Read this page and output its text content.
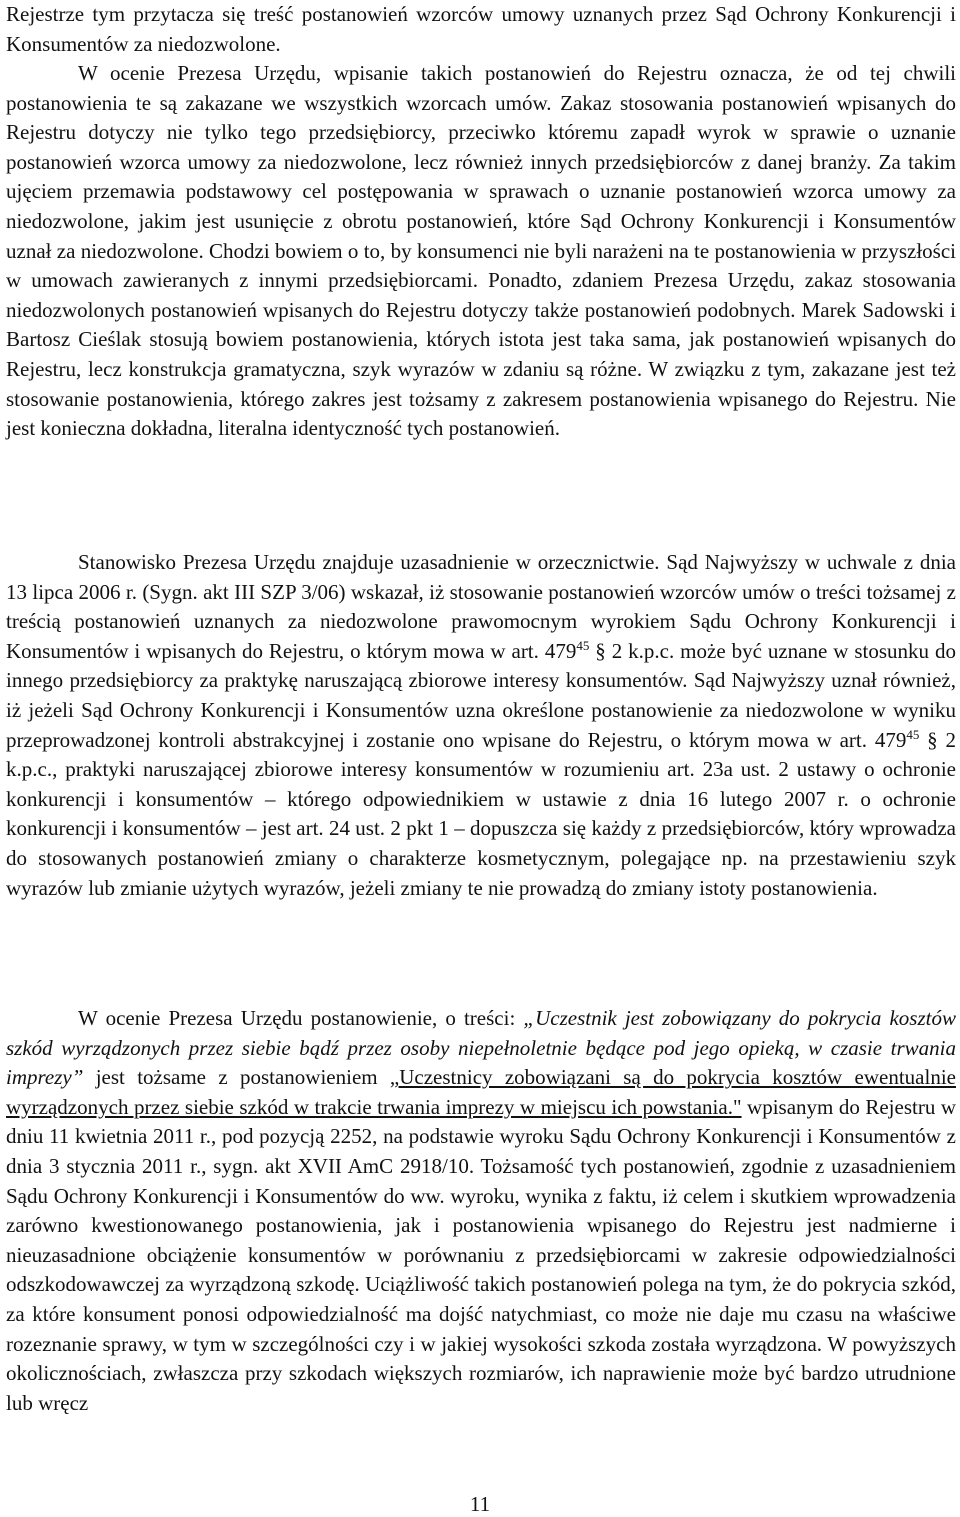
Rejestrze tym przytacza się treść postanowień wzorców umowy uznanych przez Sąd Ochrony Konkurencji i Konsumentów za niedozwolone.

W ocenie Prezesa Urzędu, wpisanie takich postanowień do Rejestru oznacza, że od tej chwili postanowienia te są zakazane we wszystkich wzorcach umów. Zakaz stosowania postanowień wpisanych do Rejestru dotyczy nie tylko tego przedsiębiorcy, przeciwko któremu zapadł wyrok w sprawie o uznanie postanowień wzorca umowy za niedozwolone, lecz również innych przedsiębiorców z danej branży. Za takim ujęciem przemawia podstawowy cel postępowania w sprawach o uznanie postanowień wzorca umowy za niedozwolone, jakim jest usunięcie z obrotu postanowień, które Sąd Ochrony Konkurencji i Konsumentów uznał za niedozwolone. Chodzi bowiem o to, by konsumenci nie byli narażeni na te postanowienia w przyszłości w umowach zawieranych z innymi przedsiębiorcami. Ponadto, zdaniem Prezesa Urzędu, zakaz stosowania niedozwolonych postanowień wpisanych do Rejestru dotyczy także postanowień podobnych. Marek Sadowski i Bartosz Cieślak stosują bowiem postanowienia, których istota jest taka sama, jak postanowień wpisanych do Rejestru, lecz konstrukcja gramatyczna, szyk wyrazów w zdaniu są różne. W związku z tym, zakazane jest też stosowanie postanowienia, którego zakres jest tożsamy z zakresem postanowienia wpisanego do Rejestru. Nie jest konieczna dokładna, literalna identyczność tych postanowień.

Stanowisko Prezesa Urzędu znajduje uzasadnienie w orzecznictwie. Sąd Najwyższy w uchwale z dnia 13 lipca 2006 r. (Sygn. akt III SZP 3/06) wskazał, iż stosowanie postanowień wzorców umów o treści tożsamej z treścią postanowień uznanych za niedozwolone prawomocnym wyrokiem Sądu Ochrony Konkurencji i Konsumentów i wpisanych do Rejestru, o którym mowa w art. $479^{45}$ § 2 k.p.c. może być uznane w stosunku do innego przedsiębiorcy za praktykę naruszającą zbiorowe interesy konsumentów. Sąd Najwyższy uznał również, iż jeżeli Sąd Ochrony Konkurencji i Konsumentów uzna określone postanowienie za niedozwolone w wyniku przeprowadzonej kontroli abstrakcyjnej i zostanie ono wpisane do Rejestru, o którym mowa w art. $479^{45}$ § 2 k.p.c., praktyki naruszającej zbiorowe interesy konsumentów w rozumieniu art. 23a ust. 2 ustawy o ochronie konkurencji i konsumentów – którego odpowiednikiem w ustawie z dnia 16 lutego 2007 r. o ochronie konkurencji i konsumentów – jest art. 24 ust. 2 pkt 1 – dopuszcza się każdy z przedsiębiorców, który wprowadza do stosowanych postanowień zmiany o charakterze kosmetycznym, polegające np. na przestawieniu szyk wyrazów lub zmianie użytych wyrazów, jeżeli zmiany te nie prowadzą do zmiany istoty postanowienia.

W ocenie Prezesa Urzędu postanowienie, o treści: „Uczestnik jest zobowiązany do pokrycia kosztów szkód wyrządzonych przez siebie bądź przez osoby niepełnoletnie będące pod jego opieką, w czasie trwania imprezy” jest tożsame z postanowieniem „Uczestnicy zobowiązani są do pokrycia kosztów ewentualnie wyrządzonych przez siebie szkód w trakcie trwania imprezy w miejscu ich powstania." wpisanym do Rejestru w dniu 11 kwietnia 2011 r., pod pozycją 2252, na podstawie wyroku Sądu Ochrony Konkurencji i Konsumentów z dnia 3 stycznia 2011 r., sygn. akt XVII AmC 2918/10. Tożsamość tych postanowień, zgodnie z uzasadnieniem Sądu Ochrony Konkurencji i Konsumentów do ww. wyroku, wynika z faktu, iż celem i skutkiem wprowadzenia zarówno kwestionowanego postanowienia, jak i postanowienia wpisanego do Rejestru jest nadmierne i nieuzasadnione obciążenie konsumentów w porównaniu z przedsiębiorcami w zakresie odpowiedzialności odszkodowawczej za wyrządzoną szkodę. Uciążliwość takich postanowień polega na tym, że do pokrycia szkód, za które konsument ponosi odpowiedzialność ma dojść natychmiast, co może nie daje mu czasu na właściwe rozeznanie sprawy, w tym w szczególności czy i w jakiej wysokości szkoda została wyrządzona. W powyższych okolicznościach, zwłaszcza przy szkodach większych rozmiarów, ich naprawienie może być bardzo utrudnione lub wręcz

11
